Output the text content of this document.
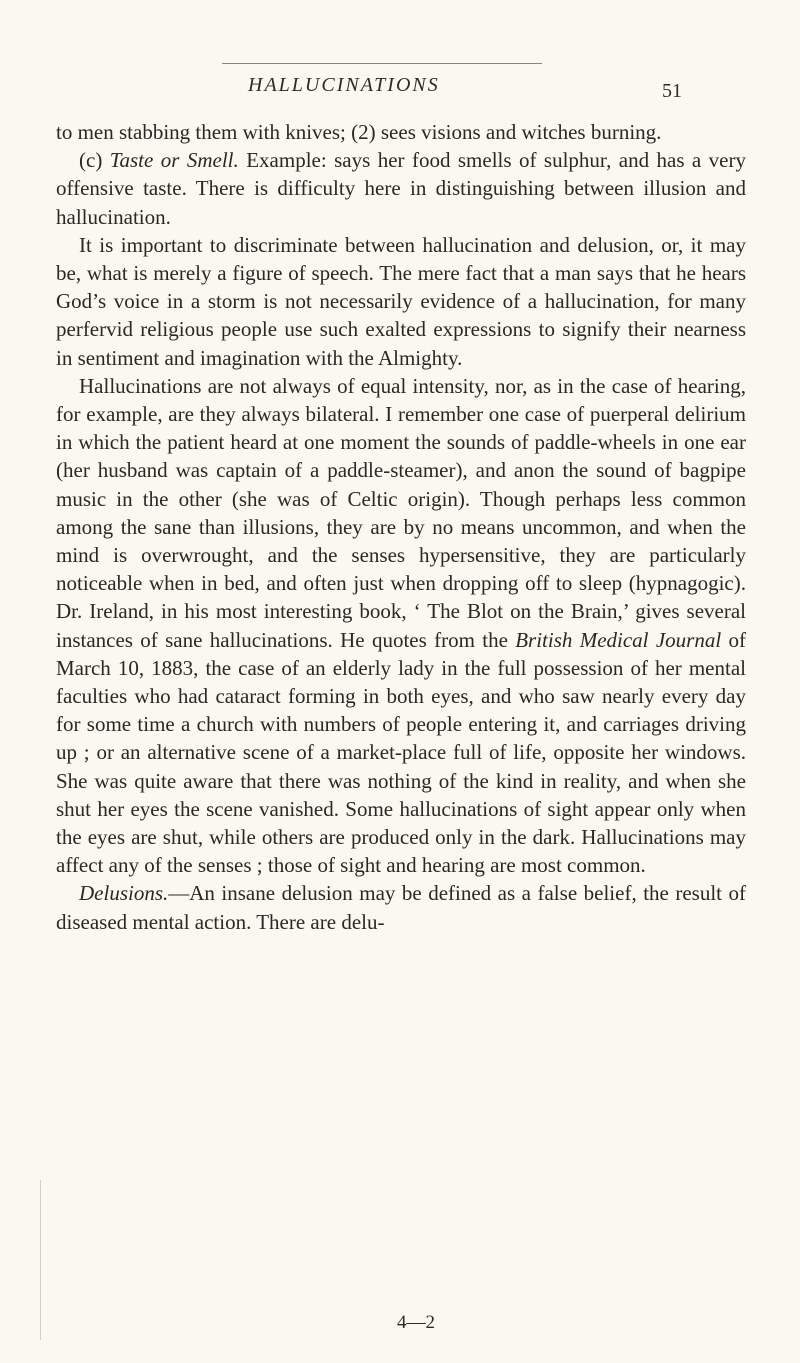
HALLUCINATIONS	51

to men stabbing them with knives; (2) sees visions and witches burning.

(c) Taste or Smell. Example: says her food smells of sulphur, and has a very offensive taste. There is difficulty here in distinguishing between illusion and hallucination.

It is important to discriminate between hallucination and delusion, or, it may be, what is merely a figure of speech. The mere fact that a man says that he hears God’s voice in a storm is not necessarily evidence of a hallucination, for many perfervid religious people use such exalted expressions to signify their nearness in sentiment and imagination with the Almighty.

Hallucinations are not always of equal intensity, nor, as in the case of hearing, for example, are they always bilateral. I remember one case of puerperal delirium in which the patient heard at one moment the sounds of paddle-wheels in one ear (her husband was captain of a paddle-steamer), and anon the sound of bagpipe music in the other (she was of Celtic origin). Though perhaps less common among the sane than illusions, they are by no means uncommon, and when the mind is overwrought, and the senses hypersensitive, they are particularly noticeable when in bed, and often just when dropping off to sleep (hypnagogic). Dr. Ireland, in his most interesting book, ‘ The Blot on the Brain,’ gives several instances of sane hallucinations. He quotes from the British Medical Journal of March 10, 1883, the case of an elderly lady in the full possession of her mental faculties who had cataract forming in both eyes, and who saw nearly every day for some time a church with numbers of people entering it, and carriages driving up ; or an alternative scene of a market-place full of life, opposite her windows. She was quite aware that there was nothing of the kind in reality, and when she shut her eyes the scene vanished. Some hallucinations of sight appear only when the eyes are shut, while others are produced only in the dark. Hallucinations may affect any of the senses ; those of sight and hearing are most common.

Delusions.—An insane delusion may be defined as a false belief, the result of diseased mental action. There are delu-

4—2
